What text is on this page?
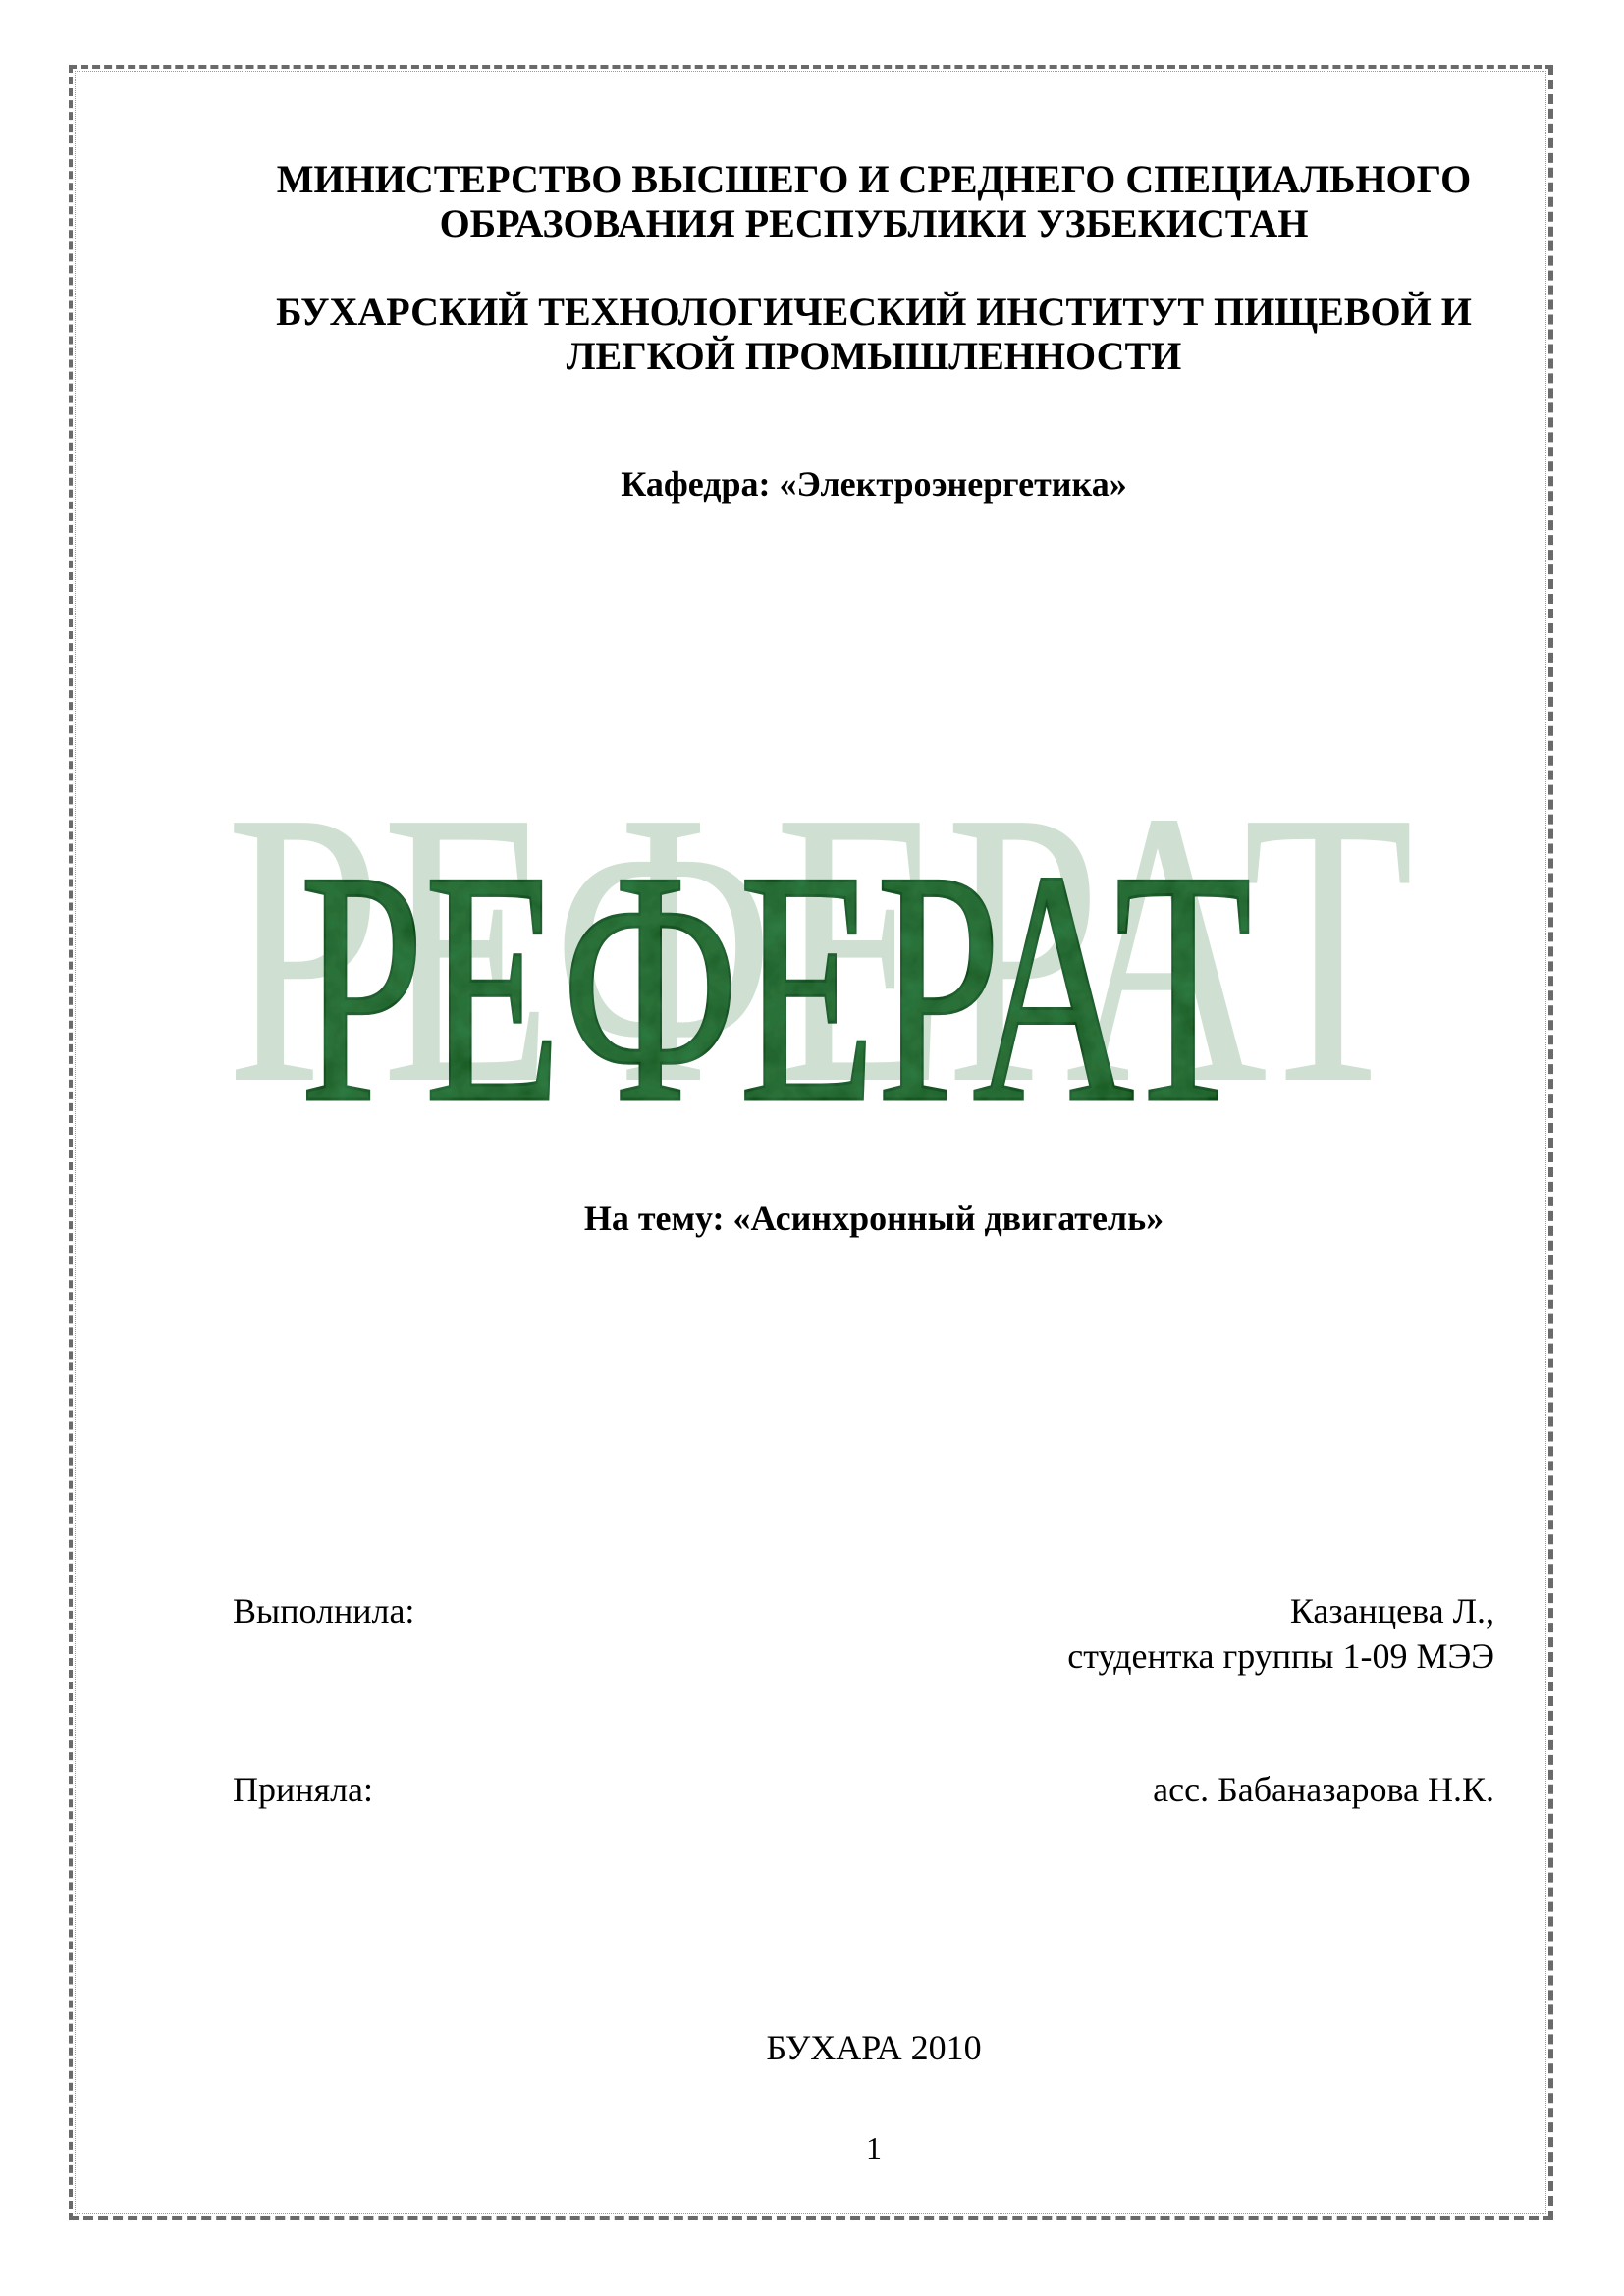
МИНИСТЕРСТВО ВЫСШЕГО И СРЕДНЕГО СПЕЦИАЛЬНОГО
ОБРАЗОВАНИЯ РЕСПУБЛИКИ УЗБЕКИСТАН
БУХАРСКИЙ ТЕХНОЛОГИЧЕСКИЙ ИНСТИТУТ ПИЩЕВОЙ И
ЛЕГКОЙ ПРОМЫШЛЕННОСТИ
Кафедра: «Электроэнергетика»
РЕФЕРАТ
РЕФЕРАТ
На тему: «Асинхронный двигатель»
Выполнила:	Казанцева Л.,
студентка группы 1-09 МЭЭ
Приняла:	асс. Бабаназарова Н.К.
БУХАРА 2010
1
